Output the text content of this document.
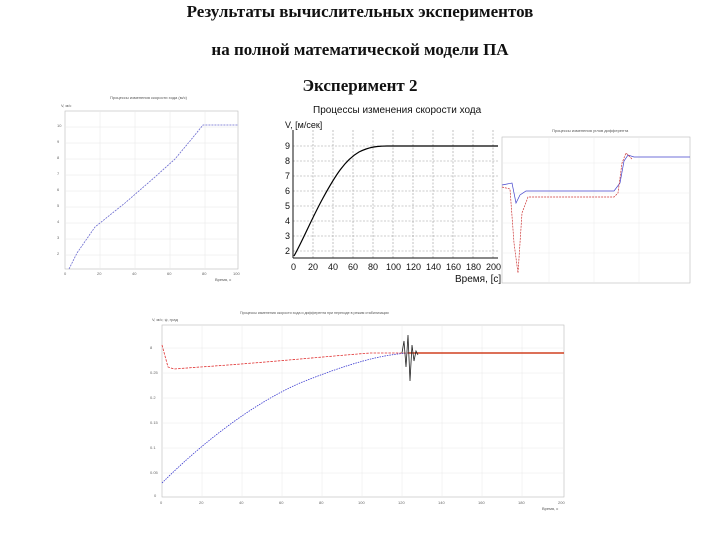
Результаты вычислительных экспериментов
на полной математической модели ПА
Эксперимент 2
Процессы изменения скорости хода (м/с)
V, м/с
10
9
8
7
6
5
4
3
2
0	20	40	60	80	100
Время, с
Процессы изменения углов дифферента
Процессы изменения скорости хода
V, [м/сек]
9
8
7
6
5
4
3
2
0 20 40 60 80 100 120 140 160 180 200
Время, [с]
Процессы изменения скорости хода и дифферента при переходе в режим стабилизации
V, м/с; ψ, град
8
0.25
0.2
0.15
0.1
0.05
0
0	20	40	60	80	100	120	140	160	180	200
Время, с
